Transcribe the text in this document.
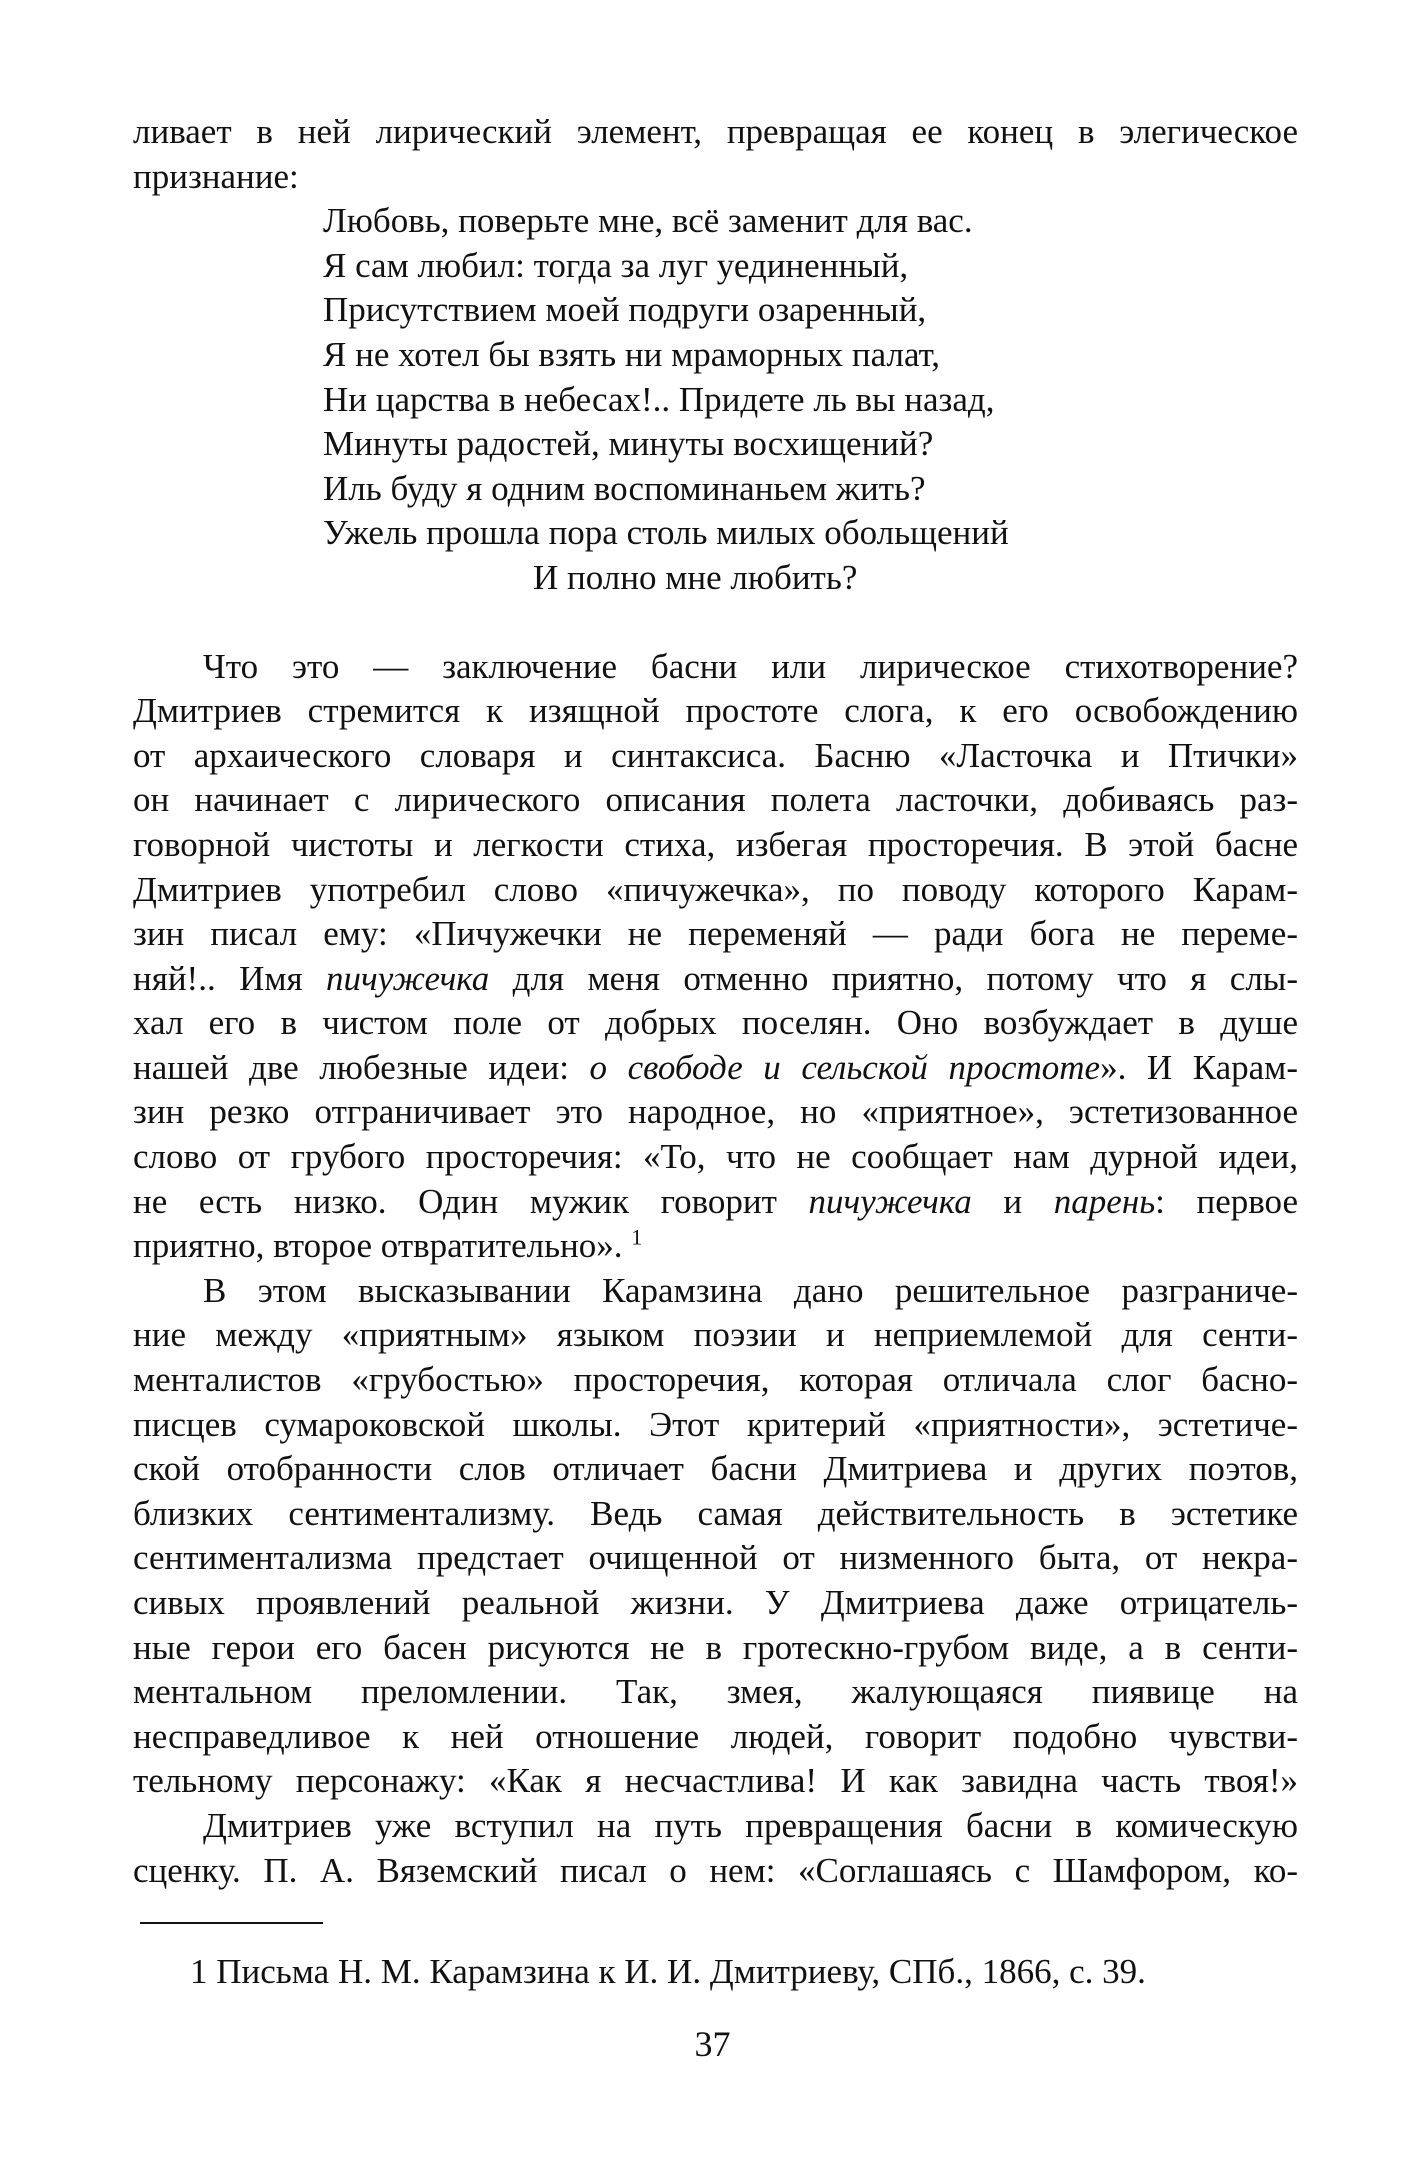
ливает в ней лирический элемент, превращая ее конец в элегическое
признание:
Любовь, поверьте мне, всё заменит для вас.
Я сам любил: тогда за луг уединенный,
Присутствием моей подруги озаренный,
Я не хотел бы взять ни мраморных палат,
Ни царства в небесах!.. Придете ль вы назад,
Минуты радостей, минуты восхищений?
Иль буду я одним воспоминаньем жить?
Ужель прошла пора столь милых обольщений
И полно мне любить?
Что это — заключение басни или лирическое стихотворение?
Дмитриев стремится к изящной простоте слога, к его освобождению
от архаического словаря и синтаксиса. Басню «Ласточка и Птички»
он начинает с лирического описания полета ласточки, добиваясь раз-
говорной чистоты и легкости стиха, избегая просторечия. В этой басне
Дмитриев употребил слово «пичужечка», по поводу которого Карам-
зин писал ему: «Пичужечки не переменяй — ради бога не переме-
няй!.. Имя пичужечка для меня отменно приятно, потому что я слы-
хал его в чистом поле от добрых поселян. Оно возбуждает в душе
нашей две любезные идеи: о свободе и сельской простоте». И Карам-
зин резко отграничивает это народное, но «приятное», эстетизованное
слово от грубого просторечия: «То, что не сообщает нам дурной идеи,
не есть низко. Один мужик говорит пичужечка и парень: первое
приятно, второе отвратительно». $^1$
В этом высказывании Карамзина дано решительное разграниче-
ние между «приятным» языком поэзии и неприемлемой для сенти-
менталистов «грубостью» просторечия, которая отличала слог басно-
писцев сумароковской школы. Этот критерий «приятности», эстетиче-
ской отобранности слов отличает басни Дмитриева и других поэтов,
близких сентиментализму. Ведь самая действительность в эстетике
сентиментализма предстает очищенной от низменного быта, от некра-
сивых проявлений реальной жизни. У Дмитриева даже отрицатель-
ные герои его басен рисуются не в гротескно-грубом виде, а в сенти-
ментальном преломлении. Так, змея, жалующаяся пиявице на
несправедливое к ней отношение людей, говорит подобно чувстви-
тельному персонажу: «Как я несчастлива! И как завидна часть твоя!»
Дмитриев уже вступил на путь превращения басни в комическую
сценку. П. А. Вяземский писал о нем: «Соглашаясь с Шамфором, ко-
1 Письма Н. М. Карамзина к И. И. Дмитриеву, СПб., 1866, с. 39.
37
